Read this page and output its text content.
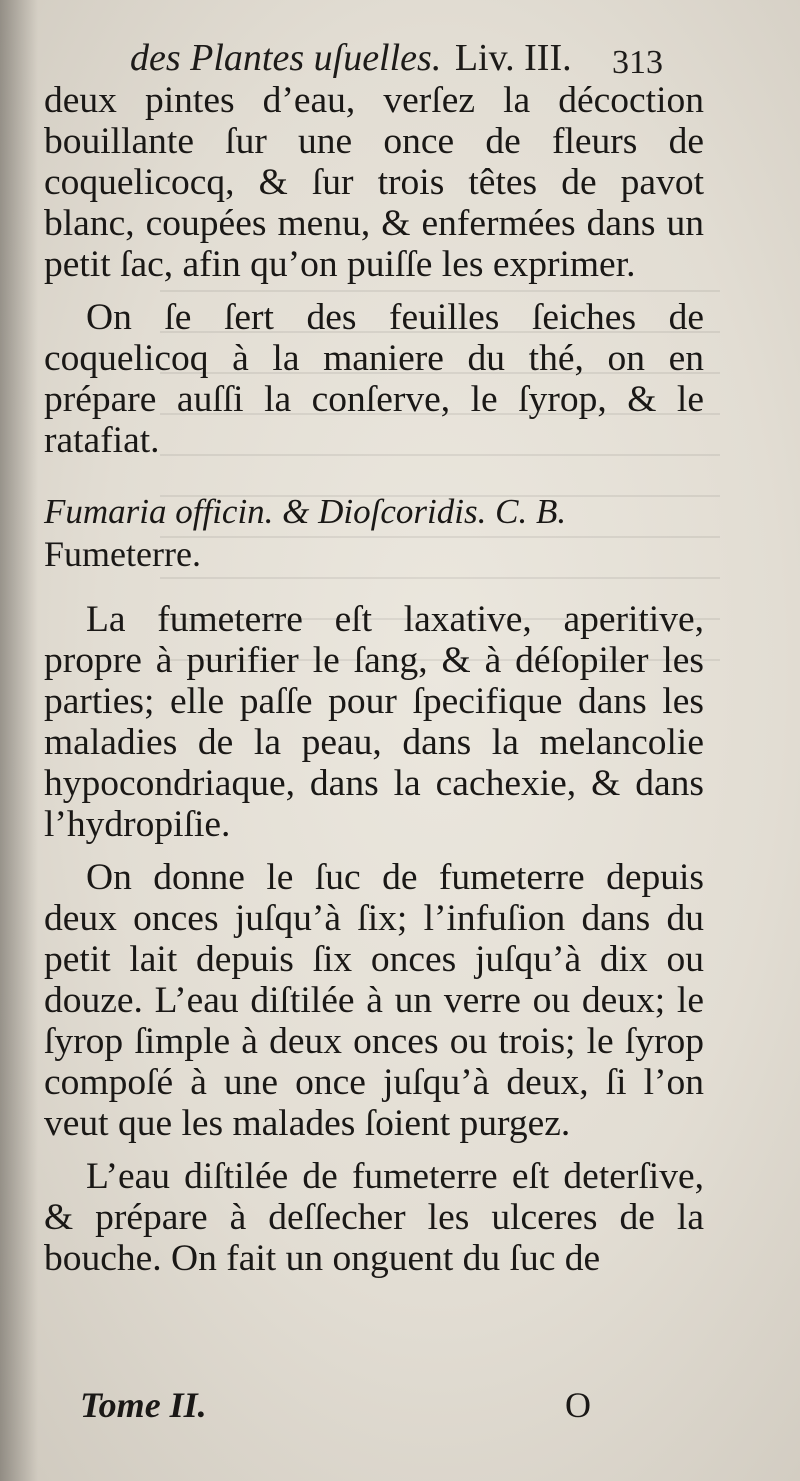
des Plantes uſuelles. Liv. III.	313

deux pintes d’eau, verſez la décoction bouillante ſur une once de fleurs de coquelicocq, & ſur trois têtes de pavot blanc, coupées menu, & enfermées dans un petit ſac, afin qu’on puiſſe les exprimer.

On ſe ſert des feuilles ſeiches de coquelicoq à la maniere du thé, on en prépare auſſi la conſerve, le ſyrop, & le ratafiat.

Fumaria officin. & Dioſcoridis. C. B.

Fumeterre.

La fumeterre eſt laxative, aperitive, propre à purifier le ſang, & à déſopiler les parties; elle paſſe pour ſpecifique dans les maladies de la peau, dans la melancolie hypocondriaque, dans la cachexie, & dans l’hydropiſie.

On donne le ſuc de fumeterre depuis deux onces juſqu’à ſix; l’infuſion dans du petit lait depuis ſix onces juſqu’à dix ou douze. L’eau diſtilée à un verre ou deux; le ſyrop ſimple à deux onces ou trois; le ſyrop compoſé à une once juſqu’à deux, ſi l’on veut que les malades ſoient purgez.

L’eau diſtilée de fumeterre eſt deterſive, & prépare à deſſecher les ulceres de la bouche. On fait un onguent du ſuc de

Tome II.	O
